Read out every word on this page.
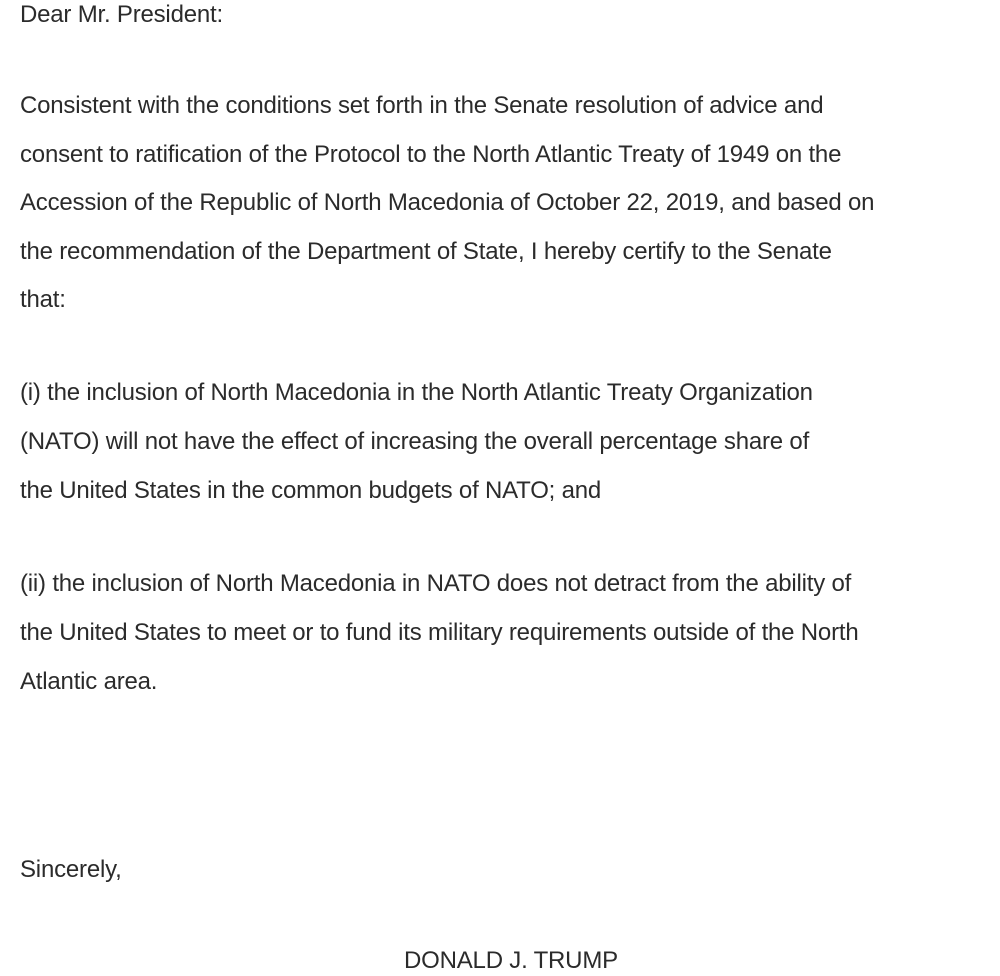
Dear Mr. President:
Consistent with the conditions set forth in the Senate resolution of advice and
consent to ratification of the Protocol to the North Atlantic Treaty of 1949 on the
Accession of the Republic of North Macedonia of October 22, 2019, and based on
the recommendation of the Department of State, I hereby certify to the Senate
that:
(i) the inclusion of North Macedonia in the North Atlantic Treaty Organization
(NATO) will not have the effect of increasing the overall percentage share of
the United States in the common budgets of NATO; and
(ii) the inclusion of North Macedonia in NATO does not detract from the ability of
the United States to meet or to fund its military requirements outside of the North
Atlantic area.
Sincerely,
DONALD J. TRUMP
